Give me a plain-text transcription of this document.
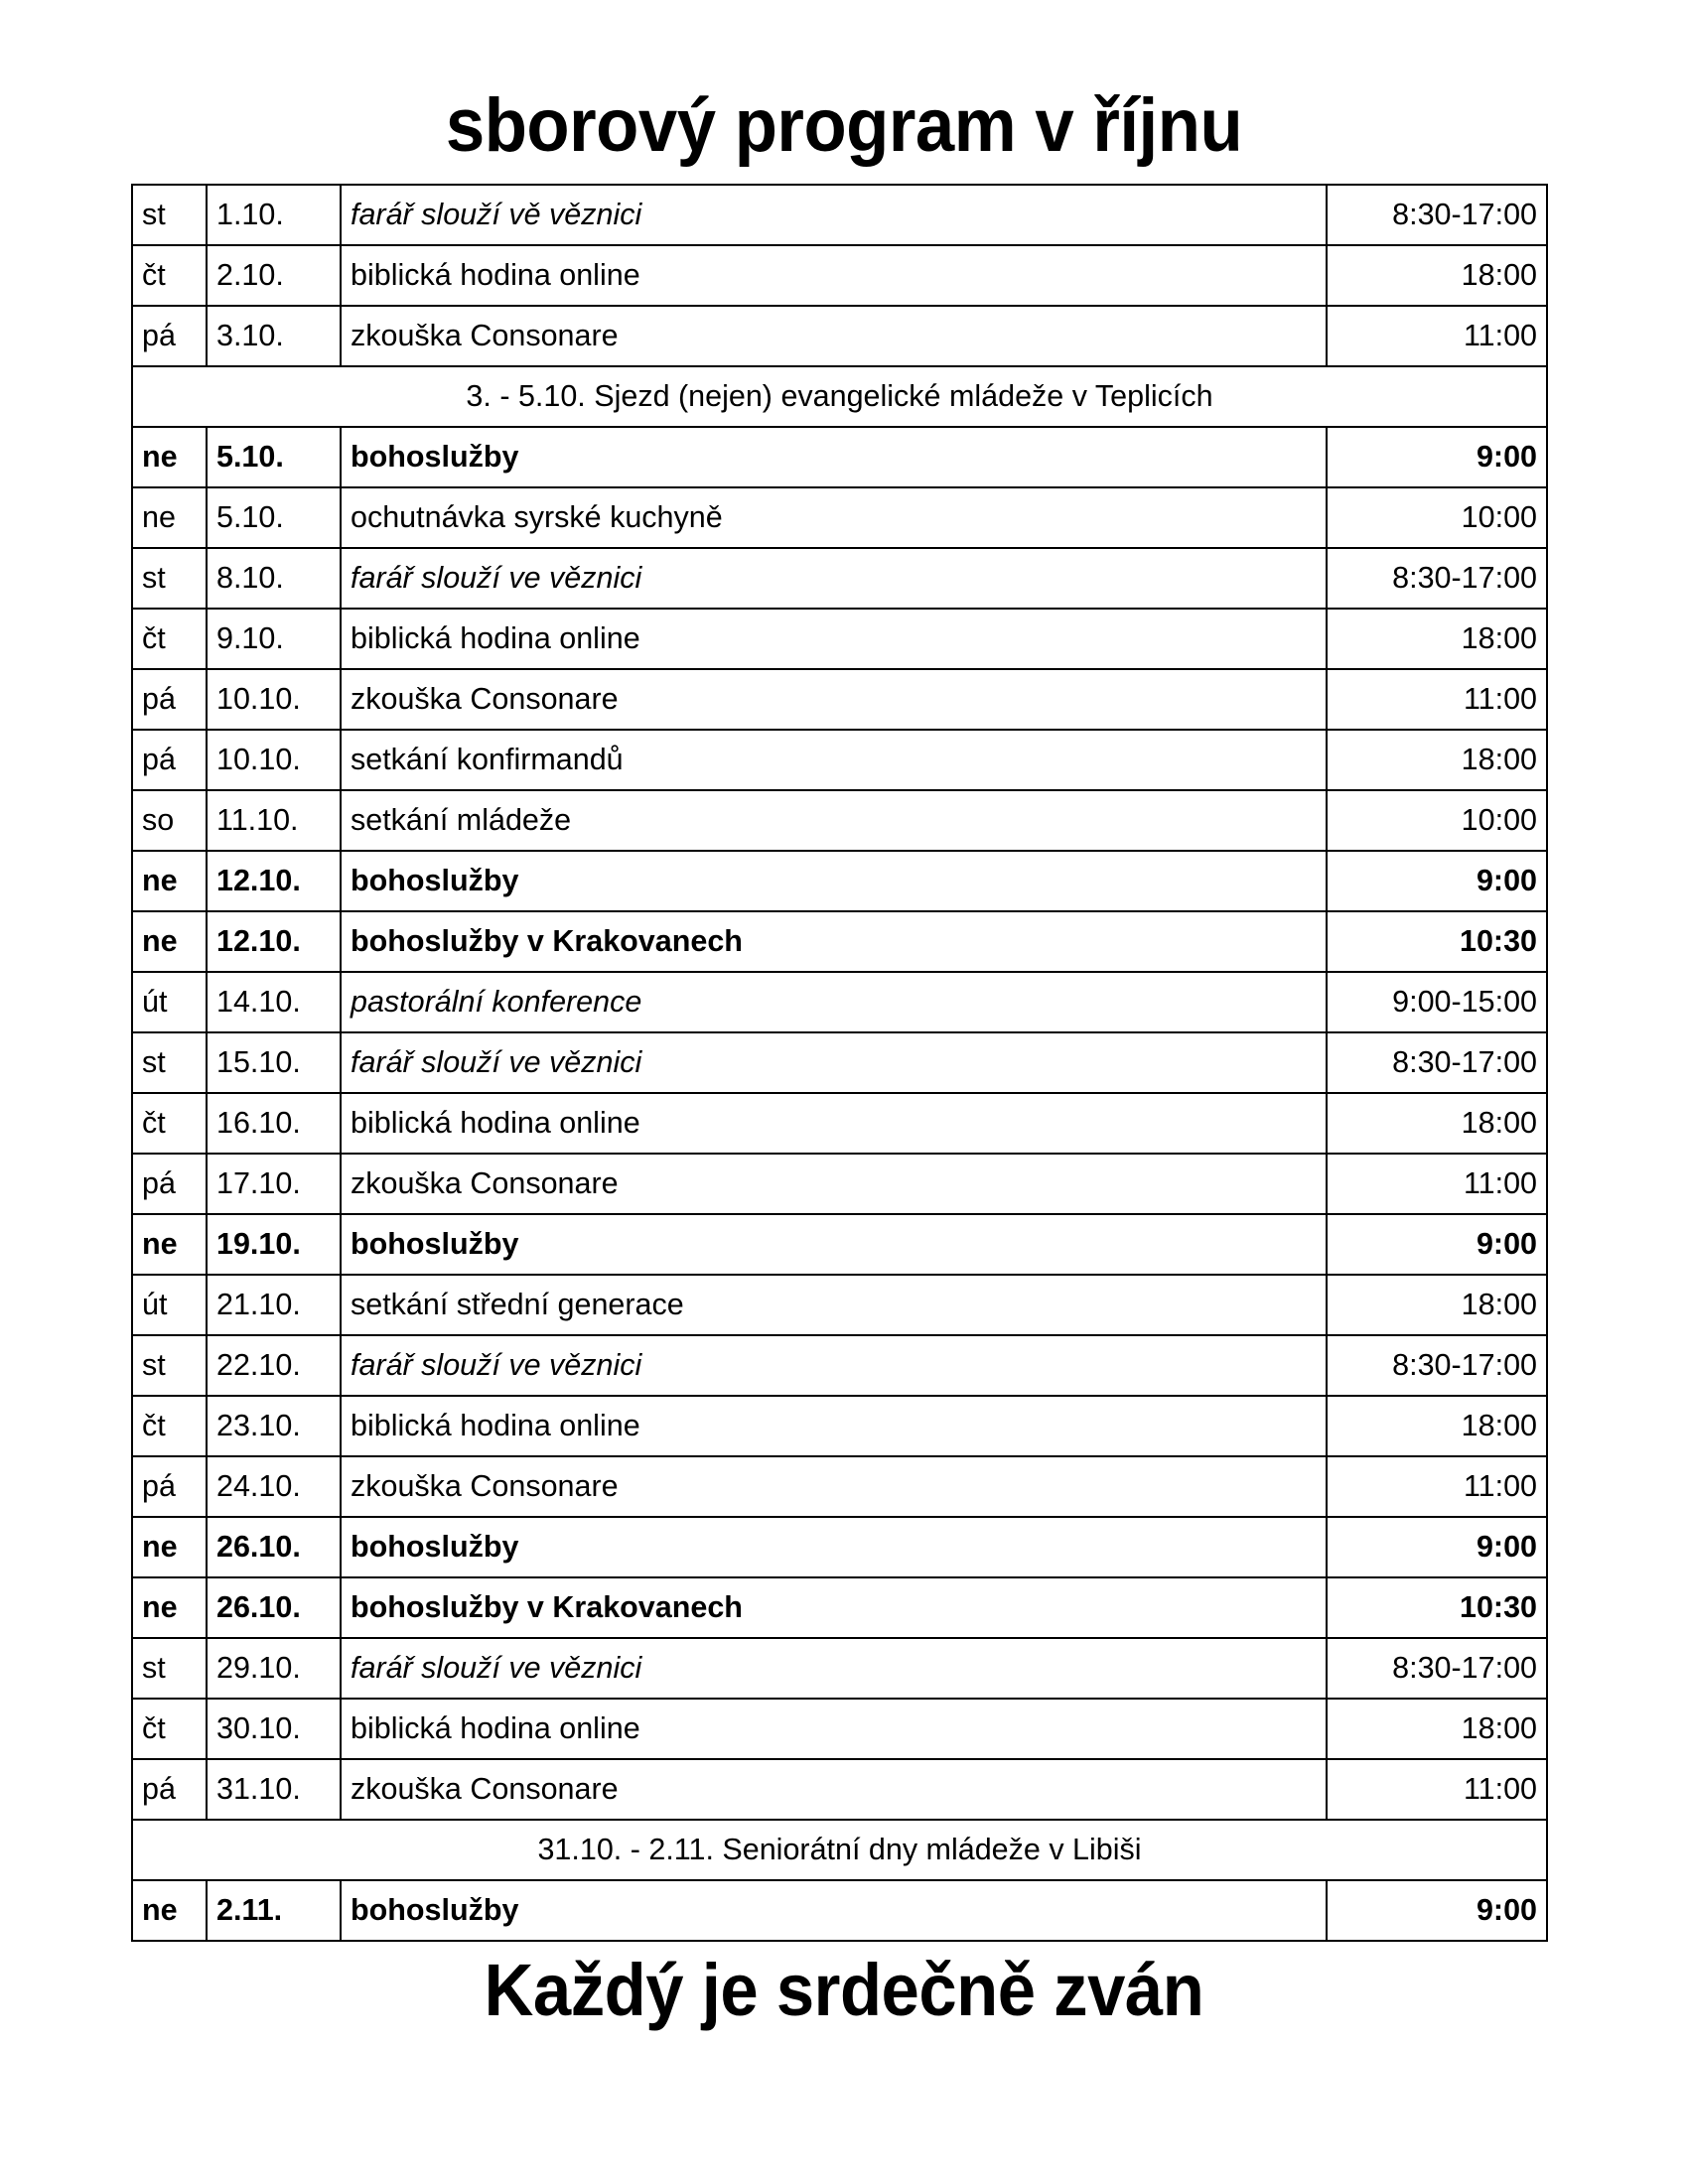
sborový program v říjnu
st	1.10.	farář slouží vě věznici	8:30-17:00
čt	2.10.	biblická hodina online	18:00
pá	3.10.	zkouška Consonare	11:00
3. - 5.10. Sjezd (nejen) evangelické mládeže v Teplicích			
ne	5.10.	bohoslužby	9:00
ne	5.10.	ochutnávka syrské kuchyně	10:00
st	8.10.	farář slouží ve věznici	8:30-17:00
čt	9.10.	biblická hodina online	18:00
pá	10.10.	zkouška Consonare	11:00
pá	10.10.	setkání konfirmandů	18:00
so	11.10.	setkání mládeže	10:00
ne	12.10.	bohoslužby	9:00
ne	12.10.	bohoslužby v Krakovanech	10:30
út	14.10.	pastorální konference	9:00-15:00
st	15.10.	farář slouží ve věznici	8:30-17:00
čt	16.10.	biblická hodina online	18:00
pá	17.10.	zkouška Consonare	11:00
ne	19.10.	bohoslužby	9:00
út	21.10.	setkání střední generace	18:00
st	22.10.	farář slouží ve věznici	8:30-17:00
čt	23.10.	biblická hodina online	18:00
pá	24.10.	zkouška Consonare	11:00
ne	26.10.	bohoslužby	9:00
ne	26.10.	bohoslužby v Krakovanech	10:30
st	29.10.	farář slouží ve věznici	8:30-17:00
čt	30.10.	biblická hodina online	18:00
pá	31.10.	zkouška Consonare	11:00
31.10. - 2.11. Seniorátní dny mládeže v Libiši			
ne	2.11.	bohoslužby	9:00
Každý je srdečně zván
